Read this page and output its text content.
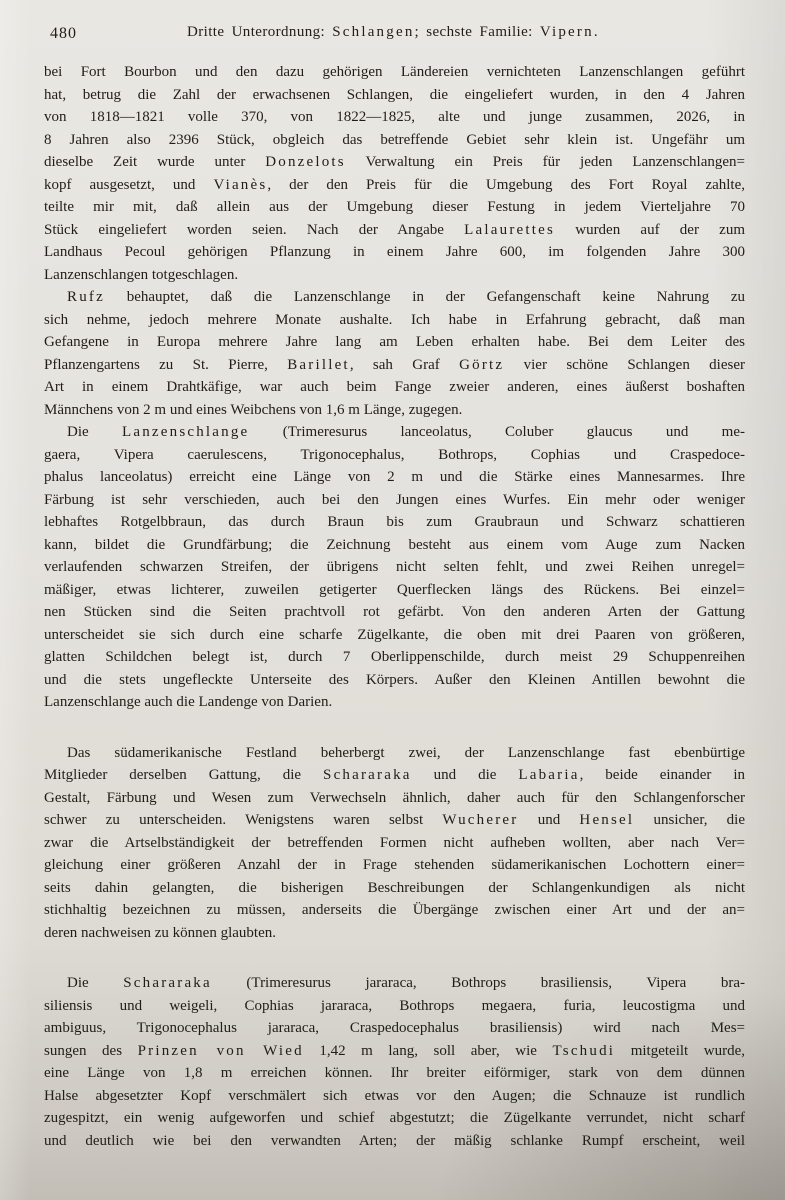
480	Dritte Unterordnung: Schlangen; sechste Familie: Vipern.
bei Fort Bourbon und den dazu gehörigen Ländereien vernichteten Lanzenschlangen geführt
hat, betrug die Zahl der erwachsenen Schlangen, die eingeliefert wurden, in den 4 Jahren
von 1818—1821 volle 370, von 1822—1825, alte und junge zusammen, 2026, in
8 Jahren also 2396 Stück, obgleich das betreffende Gebiet sehr klein ist. Ungefähr um
dieselbe Zeit wurde unter Donzelots Verwaltung ein Preis für jeden Lanzenschlangen=
kopf ausgesetzt, und Vianès, der den Preis für die Umgebung des Fort Royal zahlte,
teilte mir mit, daß allein aus der Umgebung dieser Festung in jedem Vierteljahre 70
Stück eingeliefert worden seien. Nach der Angabe Lalaurettes wurden auf der zum
Landhaus Pecoul gehörigen Pflanzung in einem Jahre 600, im folgenden Jahre 300
Lanzenschlangen totgeschlagen.
Rufz behauptet, daß die Lanzenschlange in der Gefangenschaft keine Nahrung zu
sich nehme, jedoch mehrere Monate aushalte. Ich habe in Erfahrung gebracht, daß man
Gefangene in Europa mehrere Jahre lang am Leben erhalten habe. Bei dem Leiter des
Pflanzengartens zu St. Pierre, Barillet, sah Graf Görtz vier schöne Schlangen dieser
Art in einem Drahtkäfige, war auch beim Fange zweier anderen, eines äußerst boshaften
Männchens von 2 m und eines Weibchens von 1,6 m Länge, zugegen.
Die Lanzenschlange (Trimeresurus lanceolatus, Coluber glaucus und me-
gaera, Vipera caerulescens, Trigonocephalus, Bothrops, Cophias und Craspedoce-
phalus lanceolatus) erreicht eine Länge von 2 m und die Stärke eines Mannesarmes. Ihre
Färbung ist sehr verschieden, auch bei den Jungen eines Wurfes. Ein mehr oder weniger
lebhaftes Rotgelbbraun, das durch Braun bis zum Graubraun und Schwarz schattieren
kann, bildet die Grundfärbung; die Zeichnung besteht aus einem vom Auge zum Nacken
verlaufenden schwarzen Streifen, der übrigens nicht selten fehlt, und zwei Reihen unregel=
mäßiger, etwas lichterer, zuweilen getigerter Querflecken längs des Rückens. Bei einzel=
nen Stücken sind die Seiten prachtvoll rot gefärbt. Von den anderen Arten der Gattung
unterscheidet sie sich durch eine scharfe Zügelkante, die oben mit drei Paaren von größeren,
glatten Schildchen belegt ist, durch 7 Oberlippenschilde, durch meist 29 Schuppenreihen
und die stets ungefleckte Unterseite des Körpers. Außer den Kleinen Antillen bewohnt die
Lanzenschlange auch die Landenge von Darien.
Das südamerikanische Festland beherbergt zwei, der Lanzenschlange fast ebenbürtige
Mitglieder derselben Gattung, die Schararaka und die Labaria, beide einander in
Gestalt, Färbung und Wesen zum Verwechseln ähnlich, daher auch für den Schlangenforscher
schwer zu unterscheiden. Wenigstens waren selbst Wucherer und Hensel unsicher, die
zwar die Artselbständigkeit der betreffenden Formen nicht aufheben wollten, aber nach Ver=
gleichung einer größeren Anzahl der in Frage stehenden südamerikanischen Lochottern einer=
seits dahin gelangten, die bisherigen Beschreibungen der Schlangenkundigen als nicht
stichhaltig bezeichnen zu müssen, anderseits die Übergänge zwischen einer Art und der an=
deren nachweisen zu können glaubten.
Die Schararaka (Trimeresurus jararaca, Bothrops brasiliensis, Vipera bra-
siliensis und weigeli, Cophias jararaca, Bothrops megaera, furia, leucostigma und
ambiguus, Trigonocephalus jararaca, Craspedocephalus brasiliensis) wird nach Mes=
sungen des Prinzen von Wied 1,42 m lang, soll aber, wie Tschudi mitgeteilt wurde,
eine Länge von 1,8 m erreichen können. Ihr breiter eiförmiger, stark von dem dünnen
Halse abgesetzter Kopf verschmälert sich etwas vor den Augen; die Schnauze ist rundlich
zugespitzt, ein wenig aufgeworfen und schief abgestutzt; die Zügelkante verrundet, nicht scharf
und deutlich wie bei den verwandten Arten; der mäßig schlanke Rumpf erscheint, weil
